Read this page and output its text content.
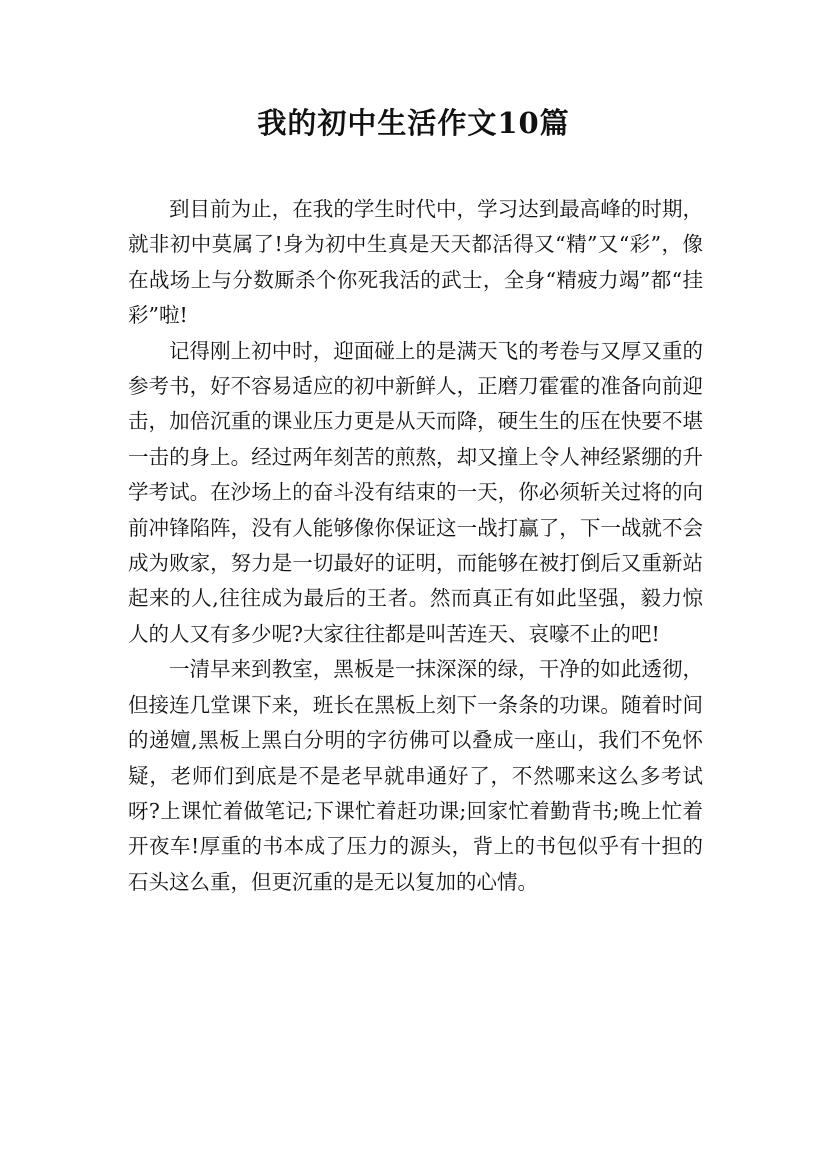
我的初中生活作文10篇

到目前为止，在我的学生时代中，学习达到最高峰的时期，就非初中莫属了!身为初中生真是天天都活得又“精”又“彩”，像在战场上与分数厮杀个你死我活的武士，全身“精疲力竭”都“挂彩”啦!

记得刚上初中时，迎面碰上的是满天飞的考卷与又厚又重的参考书，好不容易适应的初中新鲜人，正磨刀霍霍的准备向前迎击，加倍沉重的课业压力更是从天而降，硬生生的压在快要不堪一击的身上。经过两年刻苦的煎熬，却又撞上令人神经紧绷的升学考试。在沙场上的奋斗没有结束的一天，你必须斩关过将的向前冲锋陷阵，没有人能够像你保证这一战打赢了，下一战就不会成为败家，努力是一切最好的证明，而能够在被打倒后又重新站起来的人,往往成为最后的王者。然而真正有如此坚强，毅力惊人的人又有多少呢?大家往往都是叫苦连天、哀嚎不止的吧!

一清早来到教室，黑板是一抹深深的绿，干净的如此透彻，但接连几堂课下来，班长在黑板上刻下一条条的功课。随着时间的递嬗,黑板上黑白分明的字彷佛可以叠成一座山，我们不免怀疑，老师们到底是不是老早就串通好了，不然哪来这么多考试呀?上课忙着做笔记;下课忙着赶功课;回家忙着勤背书;晚上忙着开夜车!厚重的书本成了压力的源头，背上的书包似乎有十担的石头这么重，但更沉重的是无以复加的心情。
